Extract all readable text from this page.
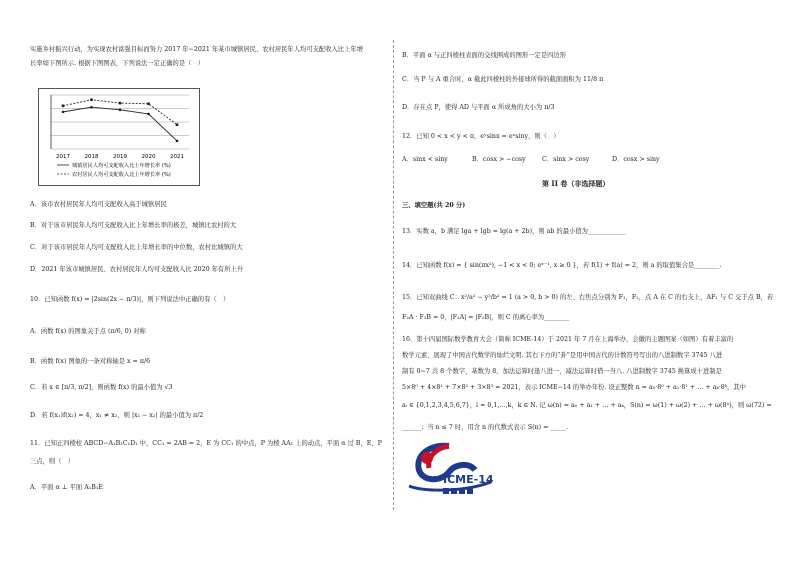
实施乡村振兴行动，为实现农村富强目标而努力 2017 年~2021 年某市城镇居民、农村居民年人均可支配收入比上年增
长率如下图所示. 根据下图图表，下列说法一定正确的是（　）
2017	2018	2019	2020	2021
城镇居民人均可支配收入比上年增长率 (%)
农村居民人均可支配收入比上年增长率 (%)
A．该市农村居民年人均可支配收入高于城镇居民
B．对于该市居民年人均可支配收入比上年增长率的极差，城镇比农村的大
C．对于该市居民年人均可支配收入比上年增长率的中位数，农村比城镇的大
D．2021 年该市城镇居民、农村居民年人均可支配收入比 2020 年有所上升
10．已知函数 f(x) = |2sin(2x − π/3)|，则下列说法中正确的有（　）
A．函数 f(x) 的图象关于点 (π/6, 0) 对称
B．函数 f(x) 图象的一条对称轴是 x = π/6
C．若 x ∈ [π/3, π/2]，则函数 f(x) 的最小值为 √3
D．若 f(x₁)f(x₂) = 4，x₁ ≠ x₂，则 |x₁ − x₂| 的最小值为 π/2
11．已知正四棱柱 ABCD−A₁B₁C₁D₁ 中，CC₁ = 2AB = 2，E 为 CC₁ 的中点，P 为棱 AA₁ 上的动点，平面 α 过 B，E，P
三点，则（　）
A．平面 α ⊥ 平面 A₁B₁E
B．平面 α 与正四棱柱表面的交线围成的图形一定是四边形
C．当 P 与 A 重合时，α 截此四棱柱的外接球所得的截面面积为 11/8 π
D．存在点 P，使得 AD 与平面 α 所成角的大小为 π/3
12．已知 0 < x < y < π，eʸsinx = eˣsiny，则（　）
A．sinx < siny	B．cosx > −cosy	C．sinx > cosy	D．cosx > siny
第 II 卷（非选择题）
三、填空题(共 20 分)
13．实数 a，b 满足 lga + lgb = lg(a + 2b)，则 ab 的最小值为____________
14．已知函数 f(x) = { sin(πx²), −1 < x < 0; eˣ⁻¹, x ≥ 0 }，若 f(1) + f(a) = 2，则 a 的取值集合是________.
15．已知双曲线 C：x²/a² − y²/b² = 1 (a > 0, b > 0) 的左、右焦点分别为 F₁，F₂，点 A 在 C 的右支上，AF₁ 与 C 交于点 B，若
F₂A · F₂B = 0，|F₂A| = |F₂B|，则 C 的离心率为________
16．第十四届国际数学教育大会（简称 ICME-14）于 2021 年 7 月在上海举办，会徽的主题图案（如图）有着丰富的
数学元素，展现了中国古代数学的灿烂文明. 其右下方的“卦”是用中国古代的计数符号写出的八进制数字 3745 八进
制有 0~7 共 8 个数字，基数为 8，加法运算时逢八进一，减法运算时借一当八. 八进制数字 3745 换算成十进制是
5×8⁰ + 4×8¹ + 7×8² + 3×8³ = 2021，表示 ICME−14 的举办年份. 设正整数 n = a₀·8⁰ + a₁·8¹ + … + aₖ·8ᵏ，其中
aᵢ ∈ {0,1,2,3,4,5,6,7}，i = 0,1,…,k，k ∈ N. 记 ω(n) = a₀ + a₁ + … + aₖ，S(n) = ω(1) + ω(2) + … + ω(8ⁿ)，则 ω(72) =
______；当 n ≤ 7 时，用含 n 的代数式表示 S(n) = _____.
ICME-14
